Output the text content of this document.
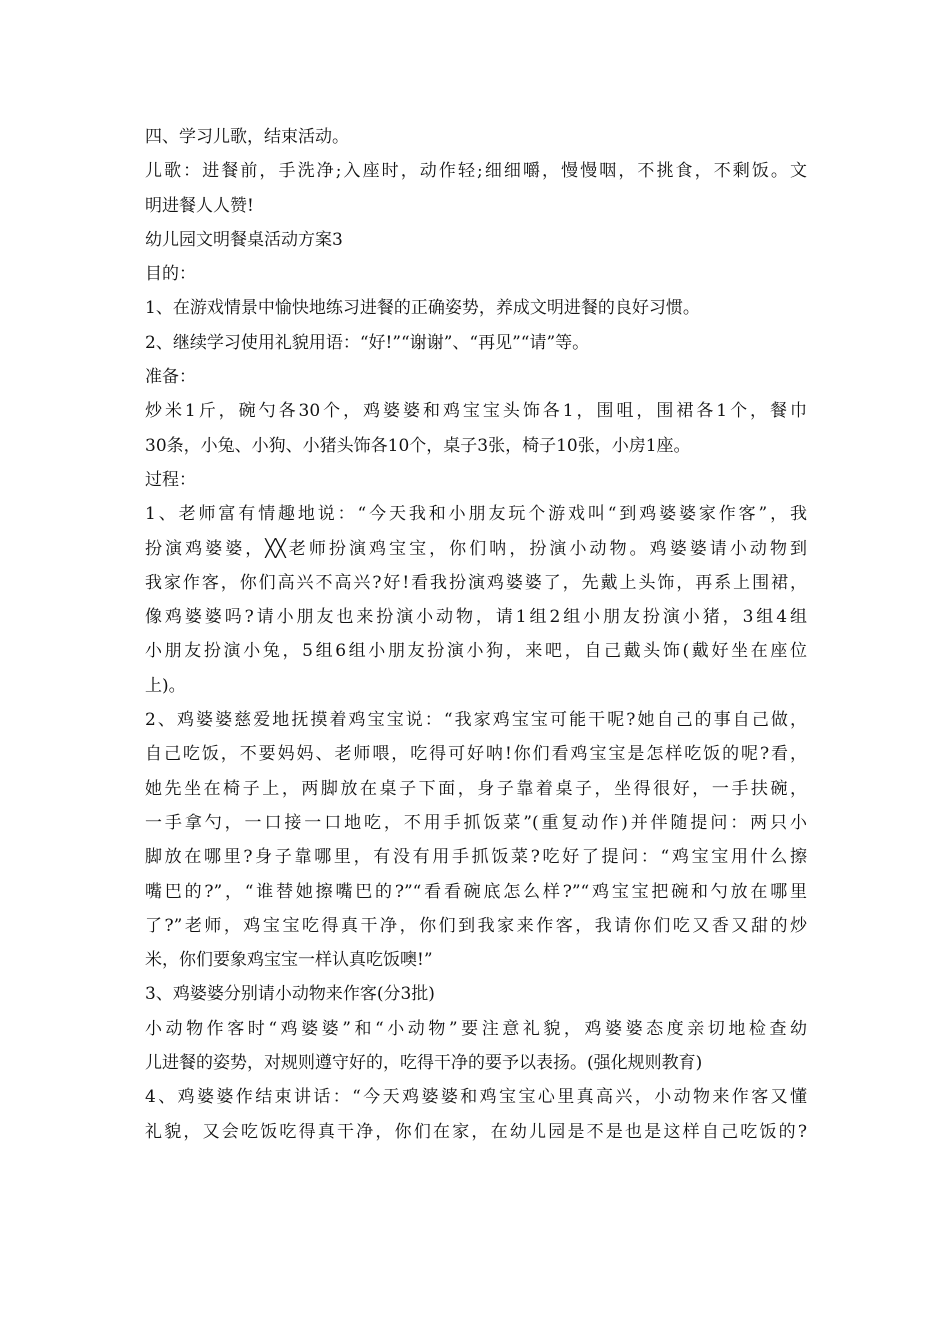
四、学习儿歌，结束活动。
儿歌：进餐前，手洗净;入座时，动作轻;细细嚼，慢慢咽，不挑食，不剩饭。文
明进餐人人赞!
幼儿园文明餐桌活动方案3
目的：
1、在游戏情景中愉快地练习进餐的正确姿势，养成文明进餐的良好习惯。
2、继续学习使用礼貌用语：“好!”“谢谢”、“再见”“请”等。
准备：
炒米1斤，碗勺各30个，鸡婆婆和鸡宝宝头饰各1，围咀，围裙各1个，餐巾
30条，小兔、小狗、小猪头饰各10个，桌子3张，椅子10张，小房1座。
过程：
1、老师富有情趣地说：“今天我和小朋友玩个游戏叫“到鸡婆婆家作客”，我
扮演鸡婆婆，╳╳老师扮演鸡宝宝，你们呐，扮演小动物。鸡婆婆请小动物到
我家作客，你们高兴不高兴?好!看我扮演鸡婆婆了，先戴上头饰，再系上围裙，
像鸡婆婆吗?请小朋友也来扮演小动物，请1组2组小朋友扮演小猪，3组4组
小朋友扮演小兔，5组6组小朋友扮演小狗，来吧，自己戴头饰(戴好坐在座位
上)。
2、鸡婆婆慈爱地抚摸着鸡宝宝说：“我家鸡宝宝可能干呢?她自己的事自己做，
自己吃饭，不要妈妈、老师喂，吃得可好呐!你们看鸡宝宝是怎样吃饭的呢?看，
她先坐在椅子上，两脚放在桌子下面，身子靠着桌子，坐得很好，一手扶碗，
一手拿勺，一口接一口地吃，不用手抓饭菜”(重复动作)并伴随提问：两只小
脚放在哪里?身子靠哪里，有没有用手抓饭菜?吃好了提问：“鸡宝宝用什么擦
嘴巴的?”，“谁替她擦嘴巴的?”“看看碗底怎么样?”“鸡宝宝把碗和勺放在哪里
了?”老师，鸡宝宝吃得真干净，你们到我家来作客，我请你们吃又香又甜的炒
米，你们要象鸡宝宝一样认真吃饭噢!”
3、鸡婆婆分别请小动物来作客(分3批)
小动物作客时“鸡婆婆”和“小动物”要注意礼貌，鸡婆婆态度亲切地检查幼
儿进餐的姿势，对规则遵守好的，吃得干净的要予以表扬。(强化规则教育)
4、鸡婆婆作结束讲话：“今天鸡婆婆和鸡宝宝心里真高兴，小动物来作客又懂
礼貌，又会吃饭吃得真干净，你们在家，在幼儿园是不是也是这样自己吃饭的?
